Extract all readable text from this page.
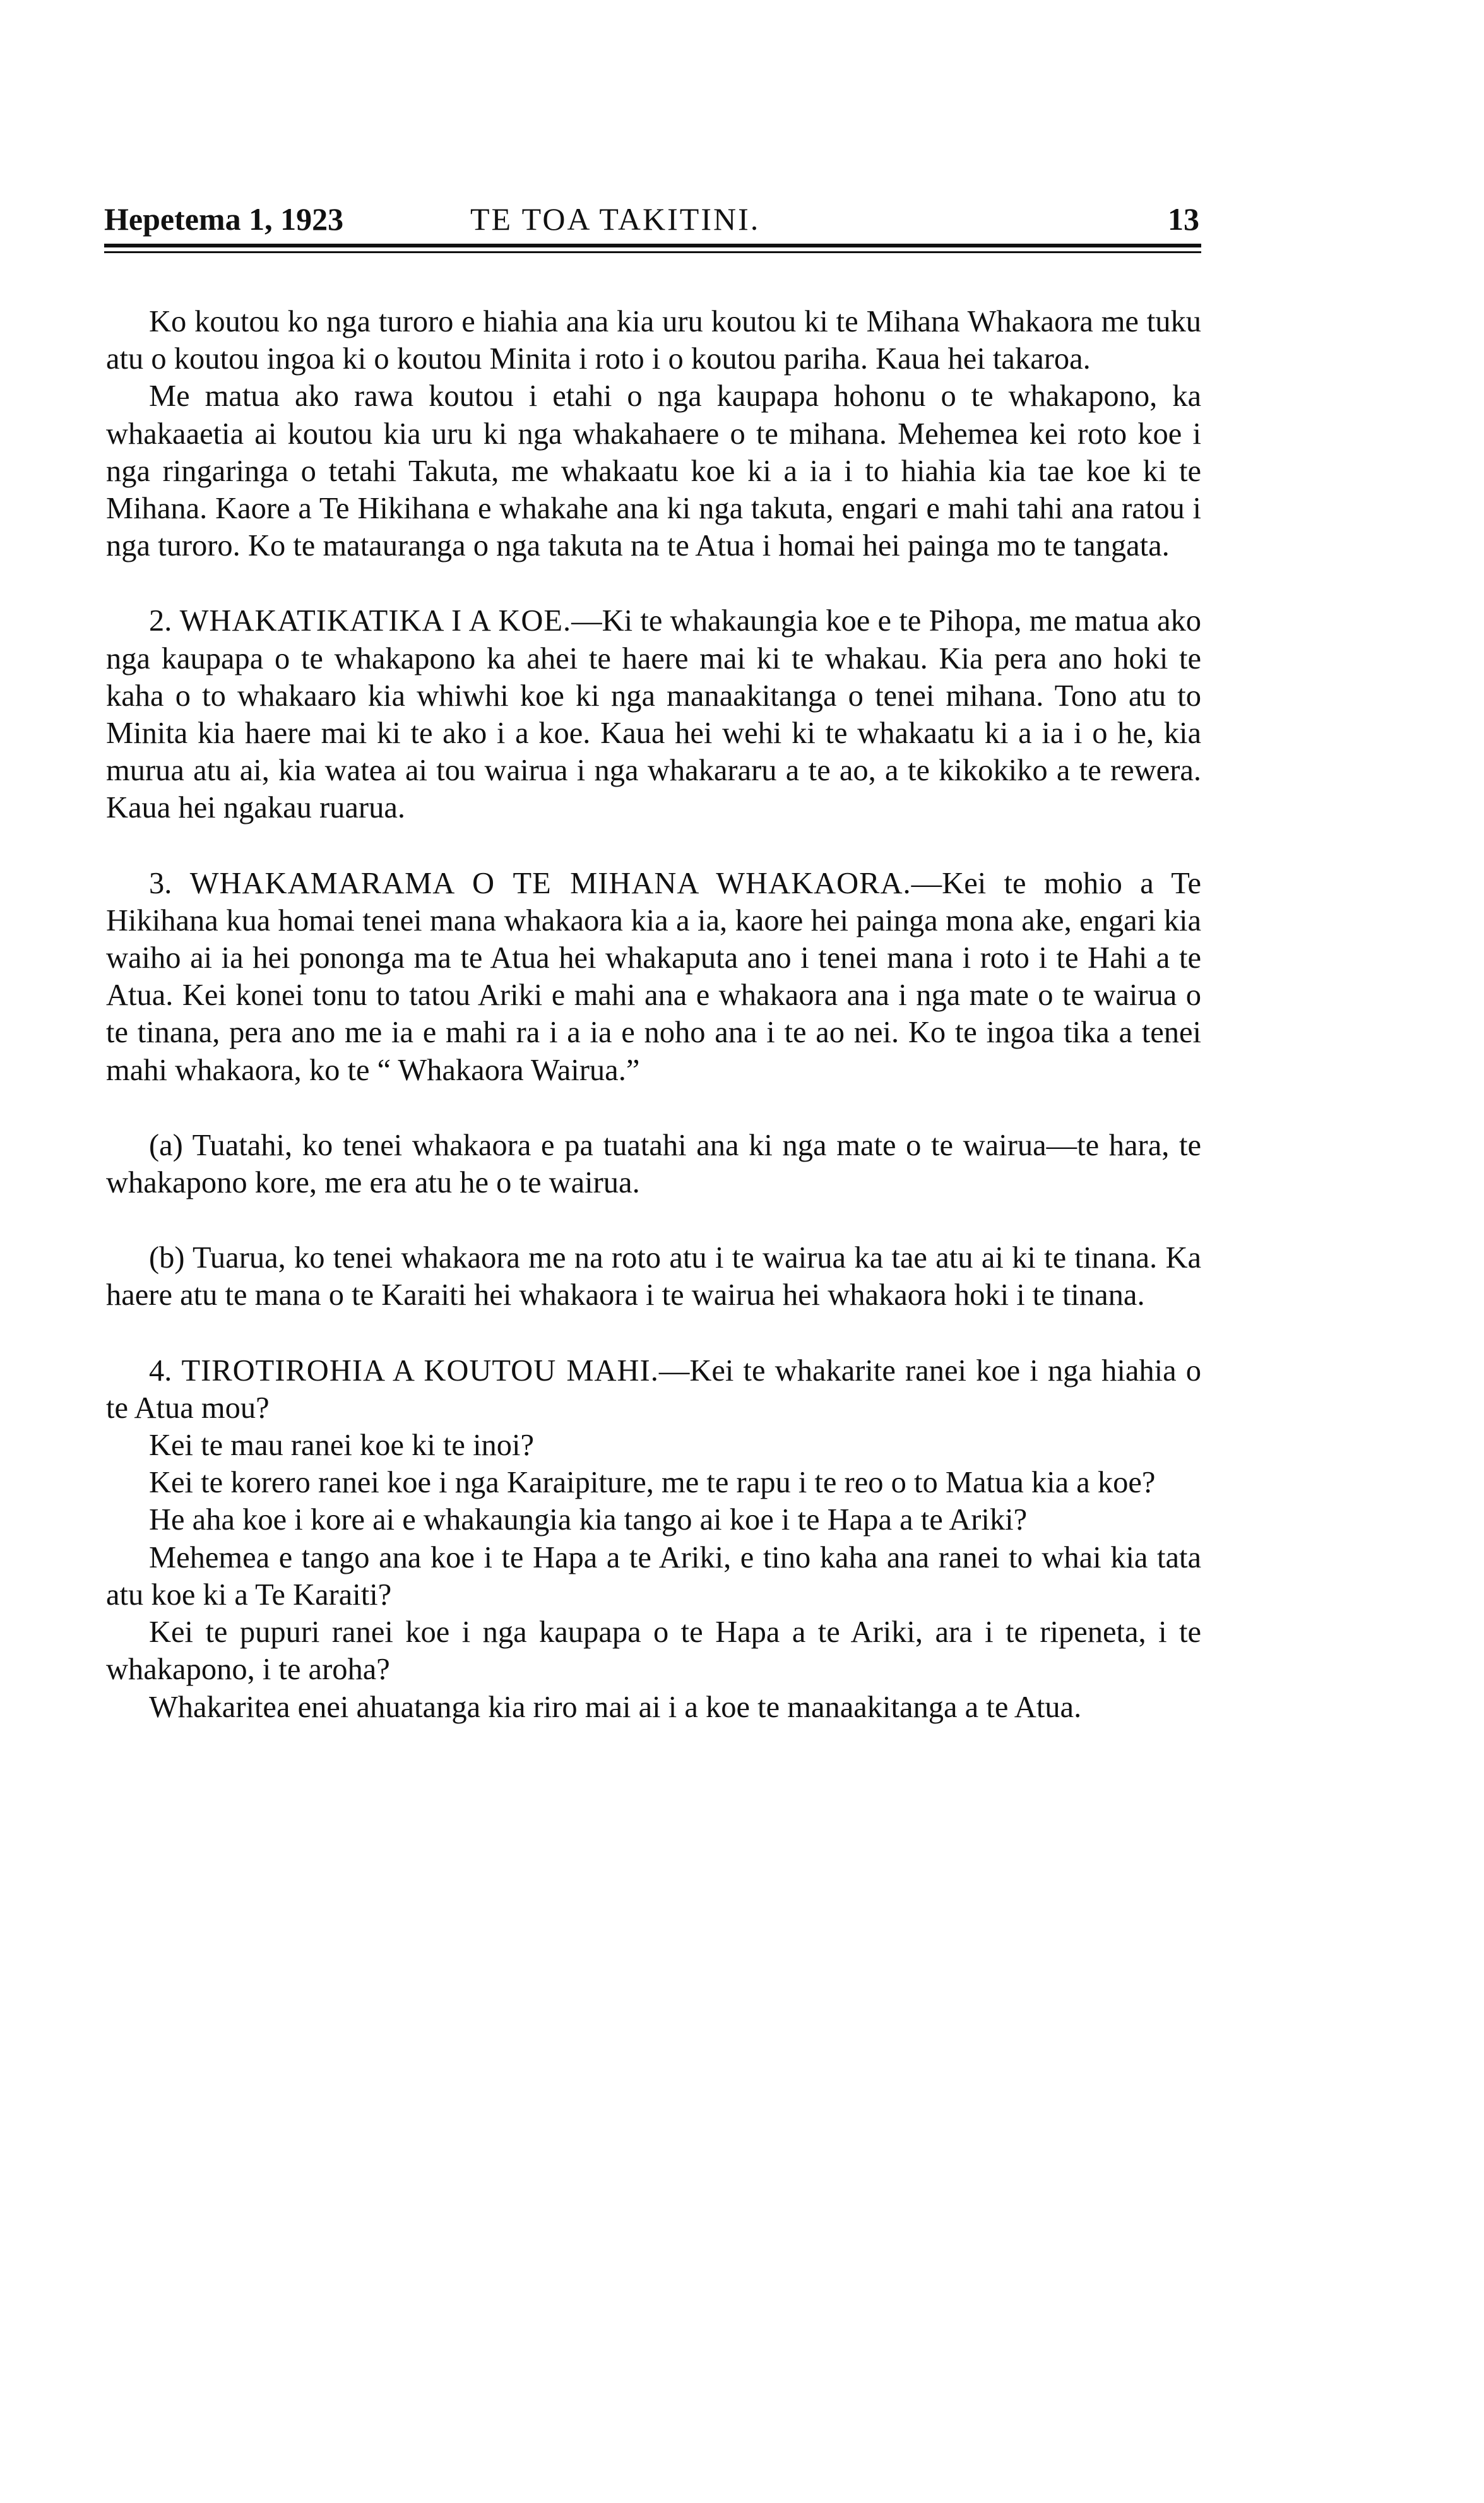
Hepetema 1, 1923	TE TOA TAKITINI.	13

Ko koutou ko nga turoro e hiahia ana kia uru koutou ki te Mihana Whakaora me tuku atu o koutou ingoa ki o koutou Minita i roto i o koutou pariha. Kaua hei takaroa.

Me matua ako rawa koutou i etahi o nga kaupapa hohonu o te whakapono, ka whakaaetia ai koutou kia uru ki nga whakahaere o te mihana. Mehemea kei roto koe i nga ringaringa o tetahi Takuta, me whakaatu koe ki a ia i to hiahia kia tae koe ki te Mihana. Kaore a Te Hikihana e whakahe ana ki nga takuta, engari e mahi tahi ana ratou i nga turoro. Ko te matauranga o nga takuta na te Atua i homai hei painga mo te tangata.

2. WHAKATIKATIKA I A KOE.—Ki te whakaungia koe e te Pihopa, me matua ako nga kaupapa o te whakapono ka ahei te haere mai ki te whakau. Kia pera ano hoki te kaha o to whakaaro kia whiwhi koe ki nga manaakitanga o tenei mihana. Tono atu to Minita kia haere mai ki te ako i a koe. Kaua hei wehi ki te whakaatu ki a ia i o he, kia murua atu ai, kia watea ai tou wairua i nga whakararu a te ao, a te kikokiko a te rewera. Kaua hei ngakau ruarua.

3. WHAKAMARAMA O TE MIHANA WHAKAORA.—Kei te mohio a Te Hikihana kua homai tenei mana whakaora kia a ia, kaore hei painga mona ake, engari kia waiho ai ia hei pononga ma te Atua hei whakaputa ano i tenei mana i roto i te Hahi a te Atua. Kei konei tonu to tatou Ariki e mahi ana e whakaora ana i nga mate o te wairua o te tinana, pera ano me ia e mahi ra i a ia e noho ana i te ao nei. Ko te ingoa tika a tenei mahi whakaora, ko te “ Whakaora Wairua.”

(a) Tuatahi, ko tenei whakaora e pa tuatahi ana ki nga mate o te wairua—te hara, te whakapono kore, me era atu he o te wairua.

(b) Tuarua, ko tenei whakaora me na roto atu i te wairua ka tae atu ai ki te tinana. Ka haere atu te mana o te Karaiti hei whakaora i te wairua hei whakaora hoki i te tinana.

4. TIROTIROHIA A KOUTOU MAHI.—Kei te whakarite ranei koe i nga hiahia o te Atua mou?

Kei te mau ranei koe ki te inoi?

Kei te korero ranei koe i nga Karaipiture, me te rapu i te reo o to Matua kia a koe?

He aha koe i kore ai e whakaungia kia tango ai koe i te Hapa a te Ariki?

Mehemea e tango ana koe i te Hapa a te Ariki, e tino kaha ana ranei to whai kia tata atu koe ki a Te Karaiti?

Kei te pupuri ranei koe i nga kaupapa o te Hapa a te Ariki, ara i te ripeneta, i te whakapono, i te aroha?

Whakaritea enei ahuatanga kia riro mai ai i a koe te manaakitanga a te Atua.
